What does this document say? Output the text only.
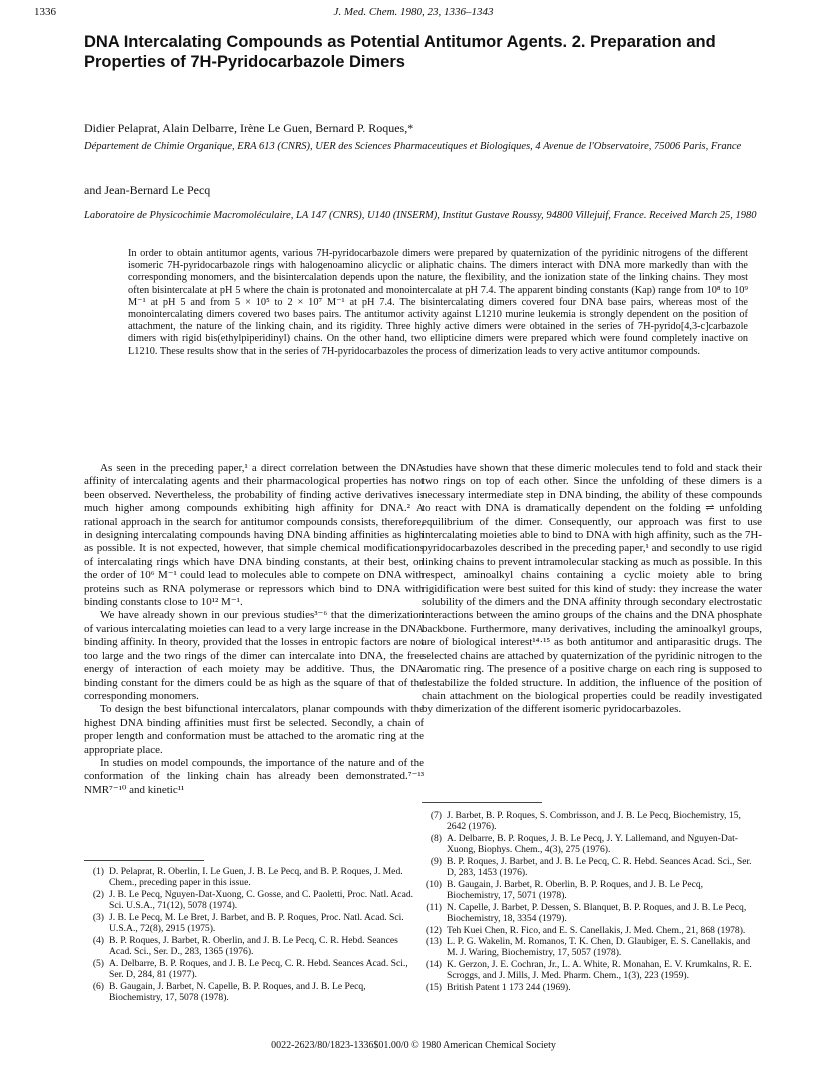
1336	J. Med. Chem. 1980, 23, 1336–1343
DNA Intercalating Compounds as Potential Antitumor Agents. 2. Preparation and Properties of 7H-Pyridocarbazole Dimers
Didier Pelaprat, Alain Delbarre, Irène Le Guen, Bernard P. Roques,*
Département de Chimie Organique, ERA 613 (CNRS), UER des Sciences Pharmaceutiques et Biologiques, 4 Avenue de l'Observatoire, 75006 Paris, France
and Jean-Bernard Le Pecq
Laboratoire de Physicochimie Macromoléculaire, LA 147 (CNRS), U140 (INSERM), Institut Gustave Roussy, 94800 Villejuif, France. Received March 25, 1980
In order to obtain antitumor agents, various 7H-pyridocarbazole dimers were prepared by quaternization of the pyridinic nitrogens of the different isomeric 7H-pyridocarbazole rings with halogenoamino alicyclic or aliphatic chains. The dimers interact with DNA more markedly than with the corresponding monomers, and the bisintercalation depends upon the nature, the flexibility, and the ionization state of the linking chains. They most often bisintercalate at pH 5 where the chain is protonated and monointercalate at pH 7.4. The apparent binding constants (Kap) range from 10⁸ to 10⁹ M⁻¹ at pH 5 and from 5 × 10⁵ to 2 × 10⁷ M⁻¹ at pH 7.4. The bisintercalating dimers covered four DNA base pairs, whereas most of the monointercalating dimers covered two bases pairs. The antitumor activity against L1210 murine leukemia is strongly dependent on the position of attachment, the nature of the linking chain, and its rigidity. Three highly active dimers were obtained in the series of 7H-pyrido[4,3-c]carbazole dimers with rigid bis(ethylpiperidinyl) chains. On the other hand, two ellipticine dimers were prepared which were found completely inactive on L1210. These results show that in the series of 7H-pyridocarbazoles the process of dimerization leads to very active antitumor compounds.

As seen in the preceding paper,¹ a direct correlation between the DNA affinity of intercalating agents and their pharmacological properties has not been observed. Nevertheless, the probability of finding active derivatives is much higher among compounds exhibiting high affinity for DNA.² A rational approach in the search for antitumor compounds consists, therefore, in designing intercalating compounds having DNA binding affinities as high as possible. It is not expected, however, that simple chemical modifications of intercalating rings which have DNA binding constants, at their best, on the order of 10⁶ M⁻¹ could lead to molecules able to compete on DNA with proteins such as RNA polymerase or repressors which bind to DNA with binding constants close to 10¹² M⁻¹.

We have already shown in our previous studies³⁻⁶ that the dimerization of various intercalating moieties can lead to a very large increase in the DNA binding affinity. In theory, provided that the losses in entropic factors are not too large and the two rings of the dimer can intercalate into DNA, the free energy of interaction of each moiety may be additive. Thus, the DNA binding constant for the dimers could be as high as the square of that of the corresponding monomers.

To design the best bifunctional intercalators, planar compounds with the highest DNA binding affinities must first be selected. Secondly, a chain of proper length and conformation must be attached to the aromatic ring at the appropriate place.

In studies on model compounds, the importance of the nature and of the conformation of the linking chain has already been demonstrated.⁷⁻¹³ NMR⁷⁻¹⁰ and kinetic¹¹

studies have shown that these dimeric molecules tend to fold and stack their two rings on top of each other. Since the unfolding of these dimers is a necessary intermediate step in DNA binding, the ability of these compounds to react with DNA is dramatically dependent on the folding ⇌ unfolding equilibrium of the dimer. Consequently, our approach was first to use intercalating moieties able to bind to DNA with high affinity, such as the 7H-pyridocarbazoles described in the preceding paper,¹ and secondly to use rigid linking chains to prevent intramolecular stacking as much as possible. In this respect, aminoalkyl chains containing a cyclic moiety able to bring rigidification were best suited for this kind of study: they increase the water solubility of the dimers and the DNA affinity through secondary electrostatic interactions between the amino groups of the chains and the DNA phosphate backbone. Furthermore, many derivatives, including the aminoalkyl groups, are of biological interest¹⁴·¹⁵ as both antitumor and antiparasitic drugs. The selected chains are attached by quaternization of the pyridinic nitrogen to the aromatic ring. The presence of a positive charge on each ring is supposed to destabilize the folded structure. In addition, the influence of the position of chain attachment on the biological properties could be readily investigated by dimerization of the different isomeric pyridocarbazoles.

(1) D. Pelaprat, R. Oberlin, I. Le Guen, J. B. Le Pecq, and B. P. Roques, J. Med. Chem., preceding paper in this issue.
(2) J. B. Le Pecq, Nguyen-Dat-Xuong, C. Gosse, and C. Paoletti, Proc. Natl. Acad. Sci. U.S.A., 71(12), 5078 (1974).
(3) J. B. Le Pecq, M. Le Bret, J. Barbet, and B. P. Roques, Proc. Natl. Acad. Sci. U.S.A., 72(8), 2915 (1975).
(4) B. P. Roques, J. Barbet, R. Oberlin, and J. B. Le Pecq, C. R. Hebd. Seances Acad. Sci., Ser. D., 283, 1365 (1976).
(5) A. Delbarre, B. P. Roques, and J. B. Le Pecq, C. R. Hebd. Seances Acad. Sci., Ser. D, 284, 81 (1977).
(6) B. Gaugain, J. Barbet, N. Capelle, B. P. Roques, and J. B. Le Pecq, Biochemistry, 17, 5078 (1978).
(7) J. Barbet, B. P. Roques, S. Combrisson, and J. B. Le Pecq, Biochemistry, 15, 2642 (1976).
(8) A. Delbarre, B. P. Roques, J. B. Le Pecq, J. Y. Lallemand, and Nguyen-Dat-Xuong, Biophys. Chem., 4(3), 275 (1976).
(9) B. P. Roques, J. Barbet, and J. B. Le Pecq, C. R. Hebd. Seances Acad. Sci., Ser. D, 283, 1453 (1976).
(10) B. Gaugain, J. Barbet, R. Oberlin, B. P. Roques, and J. B. Le Pecq, Biochemistry, 17, 5071 (1978).
(11) N. Capelle, J. Barbet, P. Dessen, S. Blanquet, B. P. Roques, and J. B. Le Pecq, Biochemistry, 18, 3354 (1979).
(12) Teh Kuei Chen, R. Fico, and E. S. Canellakis, J. Med. Chem., 21, 868 (1978).
(13) L. P. G. Wakelin, M. Romanos, T. K. Chen, D. Glaubiger, E. S. Canellakis, and M. J. Waring, Biochemistry, 17, 5057 (1978).
(14) K. Gerzon, J. E. Cochran, Jr., L. A. White, R. Monahan, E. V. Krumkalns, R. E. Scroggs, and J. Mills, J. Med. Pharm. Chem., 1(3), 223 (1959).
(15) British Patent 1 173 244 (1969).
0022-2623/80/1823-1336$01.00/0 © 1980 American Chemical Society
